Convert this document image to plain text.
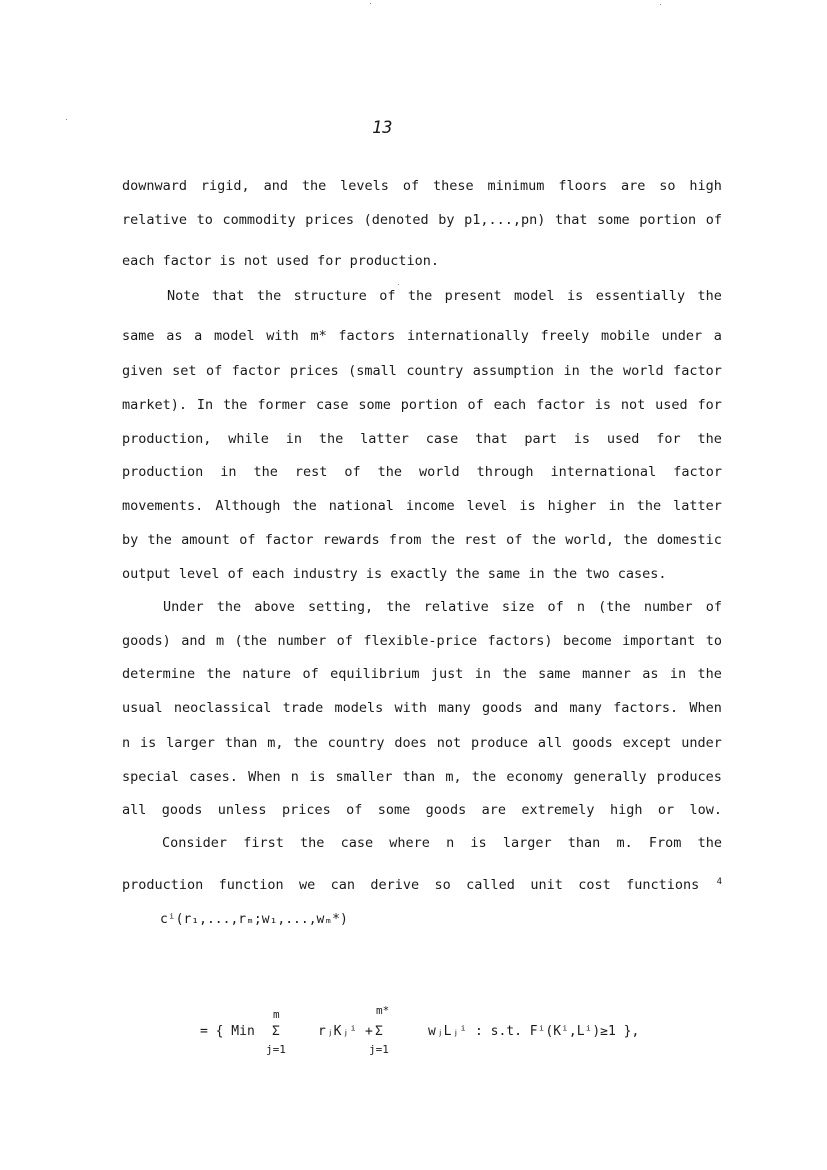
13
downward rigid, and the levels of these minimum floors are so high
relative to commodity prices (denoted by p1,...,pn) that some portion of
each factor is not used for production.
Note that the structure of the present model is essentially the
same as a model with m* factors internationally freely mobile under a
given set of factor prices (small country assumption in the world factor
market). In the former case some portion of each factor is not used for
production, while in the latter case that part is used for the
production in the rest of the world through international factor
movements. Although the national income level is higher in the latter
by the amount of factor rewards from the rest of the world, the domestic
output level of each industry is exactly the same in the two cases.
Under the above setting, the relative size of n (the number of
goods) and m (the number of flexible-price factors) become important to
determine the nature of equilibrium just in the same manner as in the
usual neoclassical trade models with many goods and many factors. When
n is larger than m, the country does not produce all goods except under
special cases. When n is smaller than m, the economy generally produces
all goods unless prices of some goods are extremely high or low.
Consider first the case where n is larger than m. From the
production function we can derive so called unit cost functions 4
cⁱ(r₁,...,rₘ;w₁,...,wₘ*)
= { Min
m
Σ
j=1
rⱼKⱼⁱ +
m*
Σ
j=1
wⱼLⱼⁱ : s.t. Fⁱ(Kⁱ,Lⁱ)≥1 },
